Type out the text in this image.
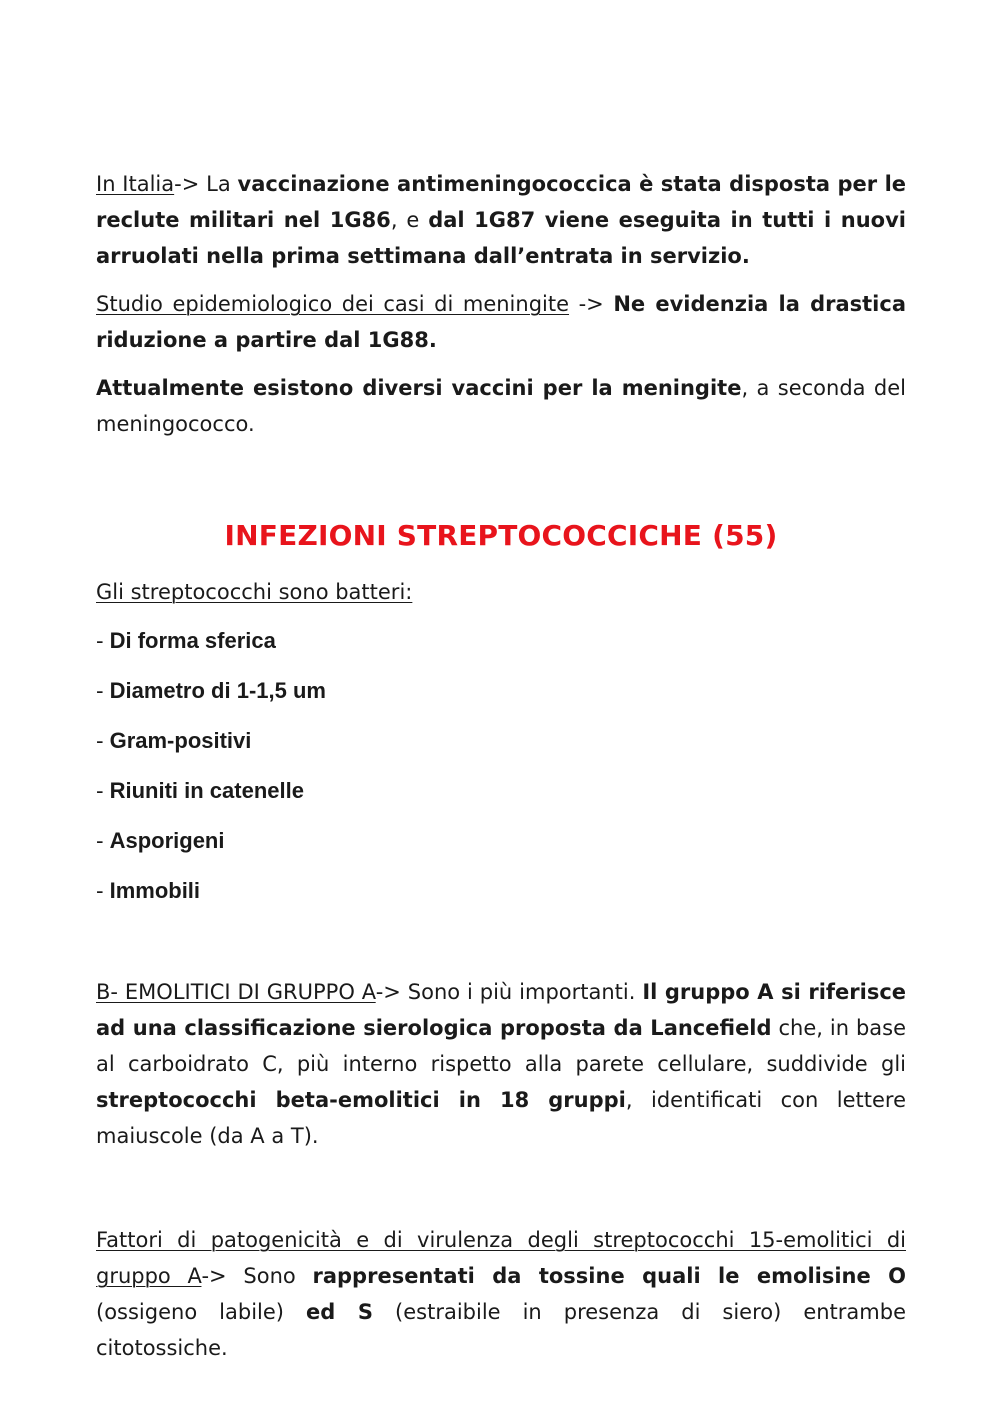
In Italia-> La vaccinazione antimeningococcica è stata disposta per le reclute militari nel 1G86, e dal 1G87 viene eseguita in tutti i nuovi arruolati nella prima settimana dall’entrata in servizio.

Studio epidemiologico dei casi di meningite -> Ne evidenzia la drastica riduzione a partire dal 1G88.

Attualmente esistono diversi vaccini per la meningite, a seconda del meningococco.

INFEZIONI STREPTOCOCCICHE (55)

Gli streptococchi sono batteri:

- Di forma sferica
- Diametro di 1-1,5 um
- Gram-positivi
- Riuniti in catenelle
- Asporigeni
- Immobili

B- EMOLITICI DI GRUPPO A-> Sono i più importanti. Il gruppo A si riferisce ad una classificazione sierologica proposta da Lancefield che, in base al carboidrato C, più interno rispetto alla parete cellulare, suddivide gli streptococchi beta-emolitici in 18 gruppi, identificati con lettere maiuscole (da A a T).

Fattori di patogenicità e di virulenza degli streptococchi 15-emolitici di gruppo A-> Sono rappresentati da tossine quali le emolisine O (ossigeno labile) ed S (estraibile in presenza di siero) entrambe citotossiche.
